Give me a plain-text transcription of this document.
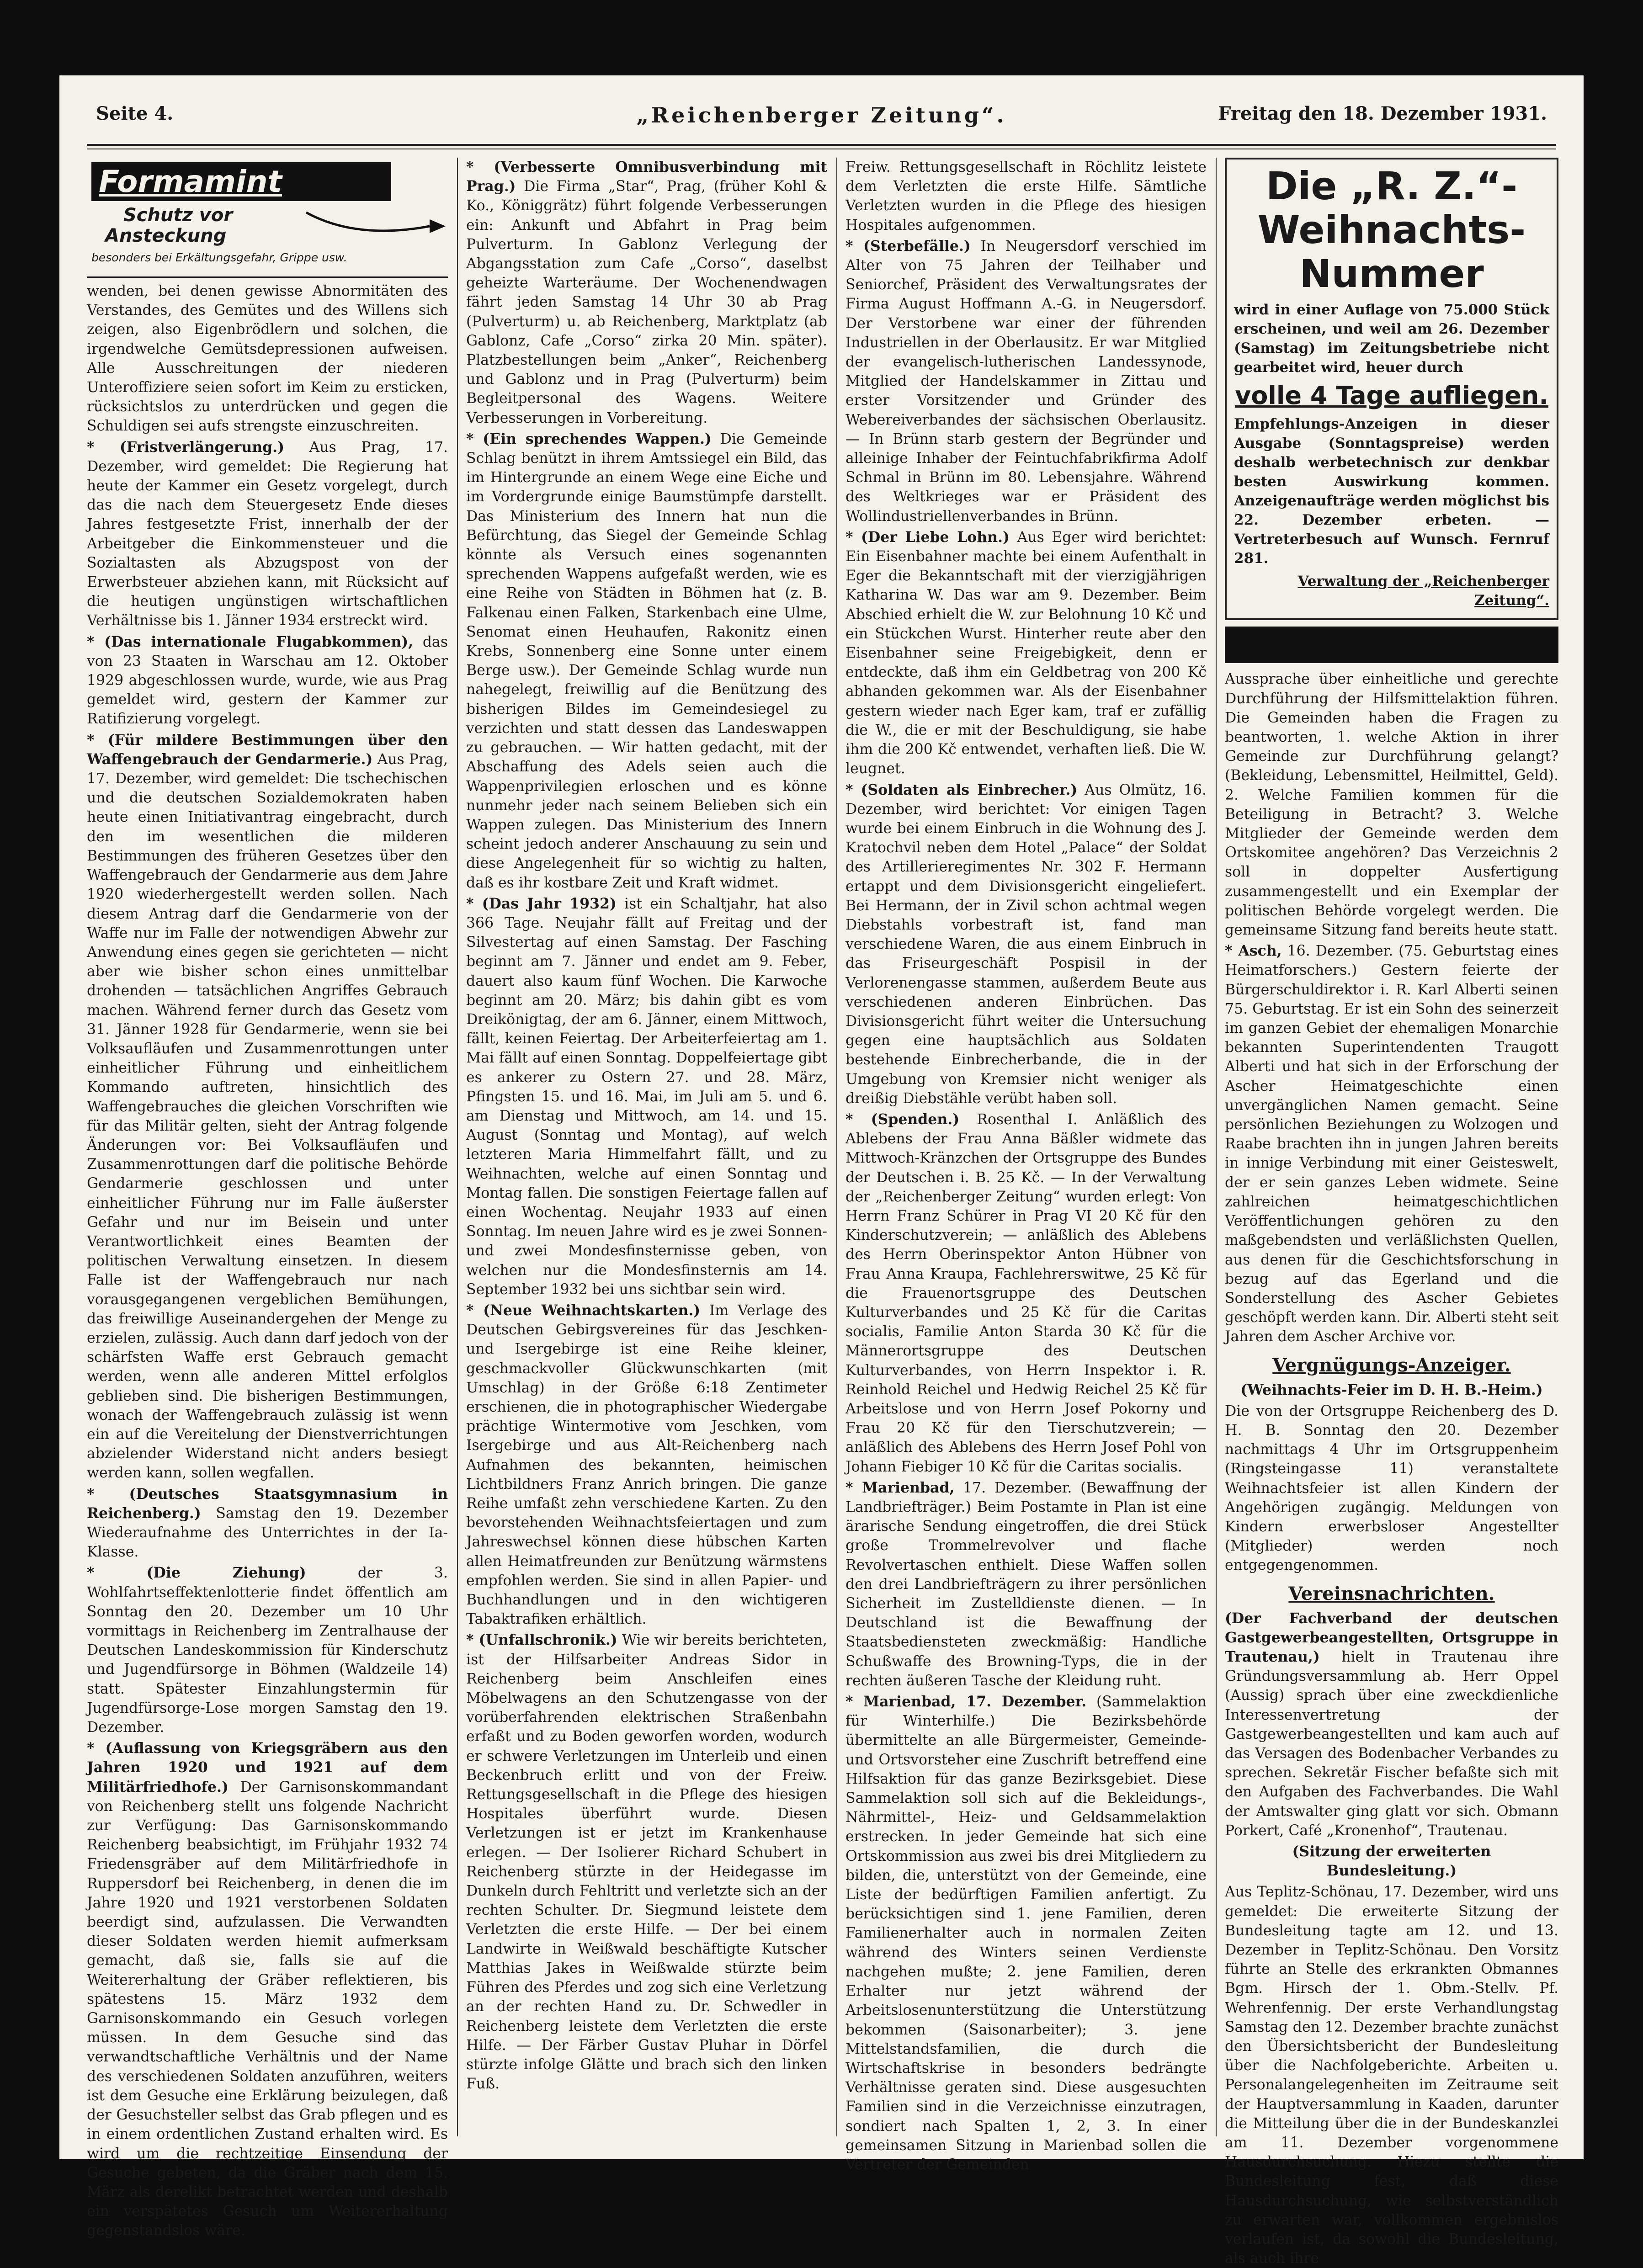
Seite 4.	„Reichenberger Zeitung“.	Freitag den 18. Dezember 1931.
Formamint
Schutz vor
Ansteckung
besonders bei Erkältungsgefahr, Grippe usw.

wenden, bei denen gewisse Abnormitäten des Verstandes, des Gemütes und des Willens sich zeigen, also Eigenbrödlern und solchen, die irgendwelche Gemütsdepressionen aufweisen. Alle Ausschreitungen der niederen Unteroffiziere seien sofort im Keim zu ersticken, rücksichtslos zu unterdrücken und gegen die Schuldigen sei aufs strengste einzuschreiten.

* (Fristverlängerung.) Aus Prag, 17. Dezember, wird gemeldet: Die Regierung hat heute der Kammer ein Gesetz vorgelegt, durch das die nach dem Steuergesetz Ende dieses Jahres festgesetzte Frist, innerhalb der der Arbeitgeber die Einkommensteuer und die Sozialtasten als Abzugspost von der Erwerbsteuer abziehen kann, mit Rücksicht auf die heutigen ungünstigen wirtschaftlichen Verhältnisse bis 1. Jänner 1934 erstreckt wird.

* (Das internationale Flugabkommen), das von 23 Staaten in Warschau am 12. Oktober 1929 abgeschlossen wurde, wurde, wie aus Prag gemeldet wird, gestern der Kammer zur Ratifizierung vorgelegt.

* (Für mildere Bestimmungen über den Waffengebrauch der Gendarmerie.) Aus Prag, 17. Dezember, wird gemeldet: Die tschechischen und die deutschen Sozialdemokraten haben heute einen Initiativantrag eingebracht, durch den im wesentlichen die milderen Bestimmungen des früheren Gesetzes über den Waffengebrauch der Gendarmerie aus dem Jahre 1920 wiederhergestellt werden sollen. Nach diesem Antrag darf die Gendarmerie von der Waffe nur im Falle der notwendigen Abwehr zur Anwendung eines gegen sie gerichteten — nicht aber wie bisher schon eines unmittelbar drohenden — tatsächlichen Angriffes Gebrauch machen. Während ferner durch das Gesetz vom 31. Jänner 1928 für Gendarmerie, wenn sie bei Volksaufläufen und Zusammenrottungen unter einheitlicher Führung und einheitlichem Kommando auftreten, hinsichtlich des Waffengebrauches die gleichen Vorschriften wie für das Militär gelten, sieht der Antrag folgende Änderungen vor: Bei Volksaufläufen und Zusammenrottungen darf die politische Behörde Gendarmerie geschlossen und unter einheitlicher Führung nur im Falle äußerster Gefahr und nur im Beisein und unter Verantwortlichkeit eines Beamten der politischen Verwaltung einsetzen. In diesem Falle ist der Waffengebrauch nur nach vorausgegangenen vergeblichen Bemühungen, das freiwillige Auseinandergehen der Menge zu erzielen, zulässig. Auch dann darf jedoch von der schärfsten Waffe erst Gebrauch gemacht werden, wenn alle anderen Mittel erfolglos geblieben sind. Die bisherigen Bestimmungen, wonach der Waffengebrauch zulässig ist wenn ein auf die Vereitelung der Dienstverrichtungen abzielender Widerstand nicht anders besiegt werden kann, sollen wegfallen.

* (Deutsches Staatsgymnasium in Reichenberg.) Samstag den 19. Dezember Wiederaufnahme des Unterrichtes in der Ia-Klasse.

* (Die Ziehung) der 3. Wohlfahrtseffektenlotterie findet öffentlich am Sonntag den 20. Dezember um 10 Uhr vormittags in Reichenberg im Zentralhause der Deutschen Landeskommission für Kinderschutz und Jugendfürsorge in Böhmen (Waldzeile 14) statt. Spätester Einzahlungstermin für Jugendfürsorge-Lose morgen Samstag den 19. Dezember.

* (Auflassung von Kriegsgräbern aus den Jahren 1920 und 1921 auf dem Militärfriedhofe.) Der Garnisonskommandant von Reichenberg stellt uns folgende Nachricht zur Verfügung: Das Garnisonskommando Reichenberg beabsichtigt, im Frühjahr 1932 74 Friedensgräber auf dem Militärfriedhofe in Ruppersdorf bei Reichenberg, in denen die im Jahre 1920 und 1921 verstorbenen Soldaten beerdigt sind, aufzulassen. Die Verwandten dieser Soldaten werden hiemit aufmerksam gemacht, daß sie, falls sie auf die Weitererhaltung der Gräber reflektieren, bis spätestens 15. März 1932 dem Garnisonskommando ein Gesuch vorlegen müssen. In dem Gesuche sind das verwandtschaftliche Verhältnis und der Name des verschiedenen Soldaten anzuführen, weiters ist dem Gesuche eine Erklärung beizulegen, daß der Gesuchsteller selbst das Grab pflegen und es in einem ordentlichen Zustand erhalten wird. Es wird um die rechtzeitige Einsendung der Gesuche gebeten, da die Gräber nach dem 15. März als derelikt betrachtet werden und deshalb ein verspätetes Gesuch um Weitererhaltung gegenstandslos wäre.

* (Verbesserte Omnibusverbindung mit Prag.) Die Firma „Star“, Prag, (früher Kohl & Ko., Königgrätz) führt folgende Verbesserungen ein: Ankunft und Abfahrt in Prag beim Pulverturm. In Gablonz Verlegung der Abgangsstation zum Cafe „Corso“, daselbst geheizte Warteräume. Der Wochenendwagen fährt jeden Samstag 14 Uhr 30 ab Prag (Pulverturm) u. ab Reichenberg, Marktplatz (ab Gablonz, Cafe „Corso“ zirka 20 Min. später). Platzbestellungen beim „Anker“, Reichenberg und Gablonz und in Prag (Pulverturm) beim Begleitpersonal des Wagens. Weitere Verbesserungen in Vorbereitung.

* (Ein sprechendes Wappen.) Die Gemeinde Schlag benützt in ihrem Amtssiegel ein Bild, das im Hintergrunde an einem Wege eine Eiche und im Vordergrunde einige Baumstümpfe darstellt. Das Ministerium des Innern hat nun die Befürchtung, das Siegel der Gemeinde Schlag könnte als Versuch eines sogenannten sprechenden Wappens aufgefaßt werden, wie es eine Reihe von Städten in Böhmen hat (z. B. Falkenau einen Falken, Starkenbach eine Ulme, Senomat einen Heuhaufen, Rakonitz einen Krebs, Sonnenberg eine Sonne unter einem Berge usw.). Der Gemeinde Schlag wurde nun nahegelegt, freiwillig auf die Benützung des bisherigen Bildes im Gemeindesiegel zu verzichten und statt dessen das Landeswappen zu gebrauchen. — Wir hatten gedacht, mit der Abschaffung des Adels seien auch die Wappenprivilegien erloschen und es könne nunmehr jeder nach seinem Belieben sich ein Wappen zulegen. Das Ministerium des Innern scheint jedoch anderer Anschauung zu sein und diese Angelegenheit für so wichtig zu halten, daß es ihr kostbare Zeit und Kraft widmet.

* (Das Jahr 1932) ist ein Schaltjahr, hat also 366 Tage. Neujahr fällt auf Freitag und der Silvestertag auf einen Samstag. Der Fasching beginnt am 7. Jänner und endet am 9. Feber, dauert also kaum fünf Wochen. Die Karwoche beginnt am 20. März; bis dahin gibt es vom Dreikönigtag, der am 6. Jänner, einem Mittwoch, fällt, keinen Feiertag. Der Arbeiterfeiertag am 1. Mai fällt auf einen Sonntag. Doppelfeiertage gibt es ankerer zu Ostern 27. und 28. März, Pfingsten 15. und 16. Mai, im Juli am 5. und 6. am Dienstag und Mittwoch, am 14. und 15. August (Sonntag und Montag), auf welch letzteren Maria Himmelfahrt fällt, und zu Weihnachten, welche auf einen Sonntag und Montag fallen. Die sonstigen Feiertage fallen auf einen Wochentag. Neujahr 1933 auf einen Sonntag. Im neuen Jahre wird es je zwei Sonnen- und zwei Mondesfinsternisse geben, von welchen nur die Mondesfinsternis am 14. September 1932 bei uns sichtbar sein wird.

* (Neue Weihnachtskarten.) Im Verlage des Deutschen Gebirgsvereines für das Jeschken- und Isergebirge ist eine Reihe kleiner, geschmackvoller Glückwunschkarten (mit Umschlag) in der Größe 6:18 Zentimeter erschienen, die in photographischer Wiedergabe prächtige Wintermotive vom Jeschken, vom Isergebirge und aus Alt-Reichenberg nach Aufnahmen des bekannten, heimischen Lichtbildners Franz Anrich bringen. Die ganze Reihe umfaßt zehn verschiedene Karten. Zu den bevorstehenden Weihnachtsfeiertagen und zum Jahreswechsel können diese hübschen Karten allen Heimatfreunden zur Benützung wärmstens empfohlen werden. Sie sind in allen Papier- und Buchhandlungen und in den wichtigeren Tabaktrafiken erhältlich.

* (Unfallschronik.) Wie wir bereits berichteten, ist der Hilfsarbeiter Andreas Sidor in Reichenberg beim Anschleifen eines Möbelwagens an den Schutzengasse von der vorüberfahrenden elektrischen Straßenbahn erfaßt und zu Boden geworfen worden, wodurch er schwere Verletzungen im Unterleib und einen Beckenbruch erlitt und von der Freiw. Rettungsgesellschaft in die Pflege des hiesigen Hospitales überführt wurde. Diesen Verletzungen ist er jetzt im Krankenhause erlegen. — Der Isolierer Richard Schubert in Reichenberg stürzte in der Heidegasse im Dunkeln durch Fehltritt und verletzte sich an der rechten Schulter. Dr. Siegmund leistete dem Verletzten die erste Hilfe. — Der bei einem Landwirte in Weißwald beschäftigte Kutscher Matthias Jakes in Weißwalde stürzte beim Führen des Pferdes und zog sich eine Verletzung an der rechten Hand zu. Dr. Schwedler in Reichenberg leistete dem Verletzten die erste Hilfe. — Der Färber Gustav Pluhar in Dörfel stürzte infolge Glätte und brach sich den linken Fuß.

Freiw. Rettungsgesellschaft in Röchlitz leistete dem Verletzten die erste Hilfe. Sämtliche Verletzten wurden in die Pflege des hiesigen Hospitales aufgenommen.

* (Sterbefälle.) In Neugersdorf verschied im Alter von 75 Jahren der Teilhaber und Seniorchef, Präsident des Verwaltungsrates der Firma August Hoffmann A.-G. in Neugersdorf. Der Verstorbene war einer der führenden Industriellen in der Oberlausitz. Er war Mitglied der evangelisch-lutherischen Landessynode, Mitglied der Handelskammer in Zittau und erster Vorsitzender und Gründer des Webereiverbandes der sächsischen Oberlausitz. — In Brünn starb gestern der Begründer und alleinige Inhaber der Feintuchfabrikfirma Adolf Schmal in Brünn im 80. Lebensjahre. Während des Weltkrieges war er Präsident des Wollindustriellenverbandes in Brünn.

* (Der Liebe Lohn.) Aus Eger wird berichtet: Ein Eisenbahner machte bei einem Aufenthalt in Eger die Bekanntschaft mit der vierzigjährigen Katharina W. Das war am 9. Dezember. Beim Abschied erhielt die W. zur Belohnung 10 Kč und ein Stückchen Wurst. Hinterher reute aber den Eisenbahner seine Freigebigkeit, denn er entdeckte, daß ihm ein Geldbetrag von 200 Kč abhanden gekommen war. Als der Eisenbahner gestern wieder nach Eger kam, traf er zufällig die W., die er mit der Beschuldigung, sie habe ihm die 200 Kč entwendet, verhaften ließ. Die W. leugnet.

* (Soldaten als Einbrecher.) Aus Olmütz, 16. Dezember, wird berichtet: Vor einigen Tagen wurde bei einem Einbruch in die Wohnung des J. Kratochvil neben dem Hotel „Palace“ der Soldat des Artillerieregimentes Nr. 302 F. Hermann ertappt und dem Divisionsgericht eingeliefert. Bei Hermann, der in Zivil schon achtmal wegen Diebstahls vorbestraft ist, fand man verschiedene Waren, die aus einem Einbruch in das Friseurgeschäft Pospisil in der Verlorenengasse stammen, außerdem Beute aus verschiedenen anderen Einbrüchen. Das Divisionsgericht führt weiter die Untersuchung gegen eine hauptsächlich aus Soldaten bestehende Einbrecherbande, die in der Umgebung von Kremsier nicht weniger als dreißig Diebstähle verübt haben soll.

* (Spenden.) Rosenthal I. Anläßlich des Ablebens der Frau Anna Bäßler widmete das Mittwoch-Kränzchen der Ortsgruppe des Bundes der Deutschen i. B. 25 Kč. — In der Verwaltung der „Reichenberger Zeitung“ wurden erlegt: Von Herrn Franz Schürer in Prag VI 20 Kč für den Kinderschutzverein; — anläßlich des Ablebens des Herrn Oberinspektor Anton Hübner von Frau Anna Kraupa, Fachlehrerswitwe, 25 Kč für die Frauenortsgruppe des Deutschen Kulturverbandes und 25 Kč für die Caritas socialis, Familie Anton Starda 30 Kč für die Männerortsgruppe des Deutschen Kulturverbandes, von Herrn Inspektor i. R. Reinhold Reichel und Hedwig Reichel 25 Kč für Arbeitslose und von Herrn Josef Pokorny und Frau 20 Kč für den Tierschutzverein; — anläßlich des Ablebens des Herrn Josef Pohl von Johann Fiebiger 10 Kč für die Caritas socialis.

* Marienbad, 17. Dezember. (Bewaffnung der Landbriefträger.) Beim Postamte in Plan ist eine ärarische Sendung eingetroffen, die drei Stück große Trommelrevolver und flache Revolvertaschen enthielt. Diese Waffen sollen den drei Landbriefträgern zu ihrer persönlichen Sicherheit im Zustelldienste dienen. — In Deutschland ist die Bewaffnung der Staatsbediensteten zweckmäßig: Handliche Schußwaffe des Browning-Typs, die in der rechten äußeren Tasche der Kleidung ruht.

* Marienbad, 17. Dezember. (Sammelaktion für Winterhilfe.) Die Bezirksbehörde übermittelte an alle Bürgermeister, Gemeinde- und Ortsvorsteher eine Zuschrift betreffend eine Hilfsaktion für das ganze Bezirksgebiet. Diese Sammelaktion soll sich auf die Bekleidungs-, Nährmittel-, Heiz- und Geldsammelaktion erstrecken. In jeder Gemeinde hat sich eine Ortskommission aus zwei bis drei Mitgliedern zu bilden, die, unterstützt von der Gemeinde, eine Liste der bedürftigen Familien anfertigt. Zu berücksichtigen sind 1. jene Familien, deren Familienerhalter auch in normalen Zeiten während des Winters seinen Verdienste nachgehen mußte; 2. jene Familien, deren Erhalter nur jetzt während der Arbeitslosenunterstützung die Unterstützung bekommen (Saisonarbeiter); 3. jene Mittelstandsfamilien, die durch die Wirtschaftskrise in besonders bedrängte Verhältnisse geraten sind. Diese ausgesuchten Familien sind in die Verzeichnisse einzutragen, sondiert nach Spalten 1, 2, 3. In einer gemeinsamen Sitzung in Marienbad sollen die Vertreter der Gemeinden

Die „R. Z.“-

Weihnachts-Nummer

wird in einer Auflage von 75.000 Stück erscheinen, und weil am 26. Dezember (Samstag) im Zeitungsbetriebe nicht gearbeitet wird, heuer durch

volle 4 Tage aufliegen.

Empfehlungs-Anzeigen in dieser Ausgabe (Sonntagspreise) werden deshalb werbetechnisch zur denkbar besten Auswirkung kommen. Anzeigenaufträge werden möglichst bis 22. Dezember erbeten. — Vertreterbesuch auf Wunsch. Fernruf 281.

Verwaltung der „Reichenberger Zeitung“.

Aussprache über einheitliche und gerechte Durchführung der Hilfsmittelaktion führen. Die Gemeinden haben die Fragen zu beantworten, 1. welche Aktion in ihrer Gemeinde zur Durchführung gelangt? (Bekleidung, Lebensmittel, Heilmittel, Geld). 2. Welche Familien kommen für die Beteiligung in Betracht? 3. Welche Mitglieder der Gemeinde werden dem Ortskomitee angehören? Das Verzeichnis 2 soll in doppelter Ausfertigung zusammengestellt und ein Exemplar der politischen Behörde vorgelegt werden. Die gemeinsame Sitzung fand bereits heute statt.

* Asch, 16. Dezember. (75. Geburtstag eines Heimatforschers.) Gestern feierte der Bürgerschuldirektor i. R. Karl Alberti seinen 75. Geburtstag. Er ist ein Sohn des seinerzeit im ganzen Gebiet der ehemaligen Monarchie bekannten Superintendenten Traugott Alberti und hat sich in der Erforschung der Ascher Heimatgeschichte einen unvergänglichen Namen gemacht. Seine persönlichen Beziehungen zu Wolzogen und Raabe brachten ihn in jungen Jahren bereits in innige Verbindung mit einer Geisteswelt, der er sein ganzes Leben widmete. Seine zahlreichen heimatgeschichtlichen Veröffentlichungen gehören zu den maßgebendsten und verläßlichsten Quellen, aus denen für die Geschichtsforschung in bezug auf das Egerland und die Sonderstellung des Ascher Gebietes geschöpft werden kann. Dir. Alberti steht seit Jahren dem Ascher Archive vor.

Vergnügungs-Anzeiger.
(Weihnachts-Feier im D. H. B.-Heim.)

Die von der Ortsgruppe Reichenberg des D. H. B. Sonntag den 20. Dezember nachmittags 4 Uhr im Ortsgruppenheim (Ringsteingasse 11) veranstaltete Weihnachtsfeier ist allen Kindern der Angehörigen zugängig. Meldungen von Kindern erwerbsloser Angestellter (Mitglieder) werden noch entgegengenommen.

Vereinsnachrichten.

(Der Fachverband der deutschen Gastgewerbeangestellten, Ortsgruppe in Trautenau,) hielt in Trautenau ihre Gründungsversammlung ab. Herr Oppel (Aussig) sprach über eine zweckdienliche Interessenvertretung der Gastgewerbeangestellten und kam auch auf das Versagen des Bodenbacher Verbandes zu sprechen. Sekretär Fischer befaßte sich mit den Aufgaben des Fachverbandes. Die Wahl der Amtswalter ging glatt vor sich. Obmann Porkert, Café „Kronenhof“, Trautenau.

(Sitzung der erweiterten Bundesleitung.)

Aus Teplitz-Schönau, 17. Dezember, wird uns gemeldet: Die erweiterte Sitzung der Bundesleitung tagte am 12. und 13. Dezember in Teplitz-Schönau. Den Vorsitz führte an Stelle des erkrankten Obmannes Bgm. Hirsch der 1. Obm.-Stellv. Pf. Wehrenfennig. Der erste Verhandlungstag Samstag den 12. Dezember brachte zunächst den Übersichtsbericht der Bundesleitung über die Nachfolgeberichte. Arbeiten u. Personalangelegenheiten im Zeitraume seit der Hauptversammlung in Kaaden, darunter die Mitteilung über die in der Bundeskanzlei am 11. Dezember vorgenommene Hausdurchsuchung. Hiezu stellte die Bundesleitung fest, daß diese Hausdurchsuchung, wie selbstverständlich zu erwarten war, vollkommen ergebnislos verlaufen ist, da sowohl die Bundesleitung, als auch ihre
